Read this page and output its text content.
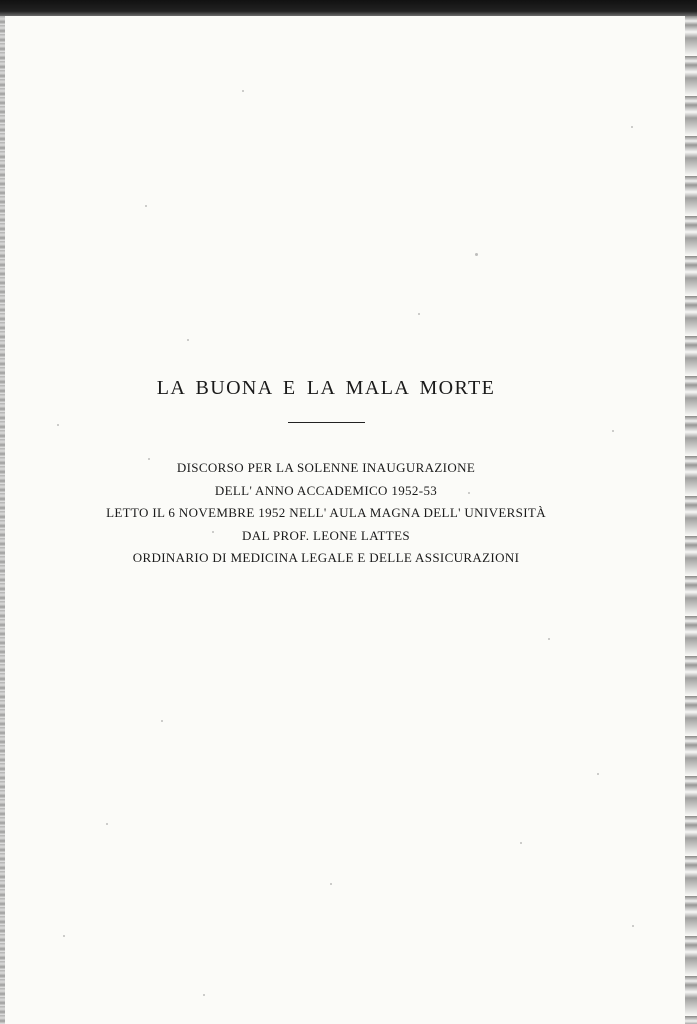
LA BUONA E LA MALA MORTE
DISCORSO PER LA SOLENNE INAUGURAZIONE
DELL' ANNO ACCADEMICO 1952-53
LETTO IL 6 NOVEMBRE 1952 NELL' AULA MAGNA DELL' UNIVERSITÀ
DAL PROF. LEONE LATTES
ORDINARIO DI MEDICINA LEGALE E DELLE ASSICURAZIONI
